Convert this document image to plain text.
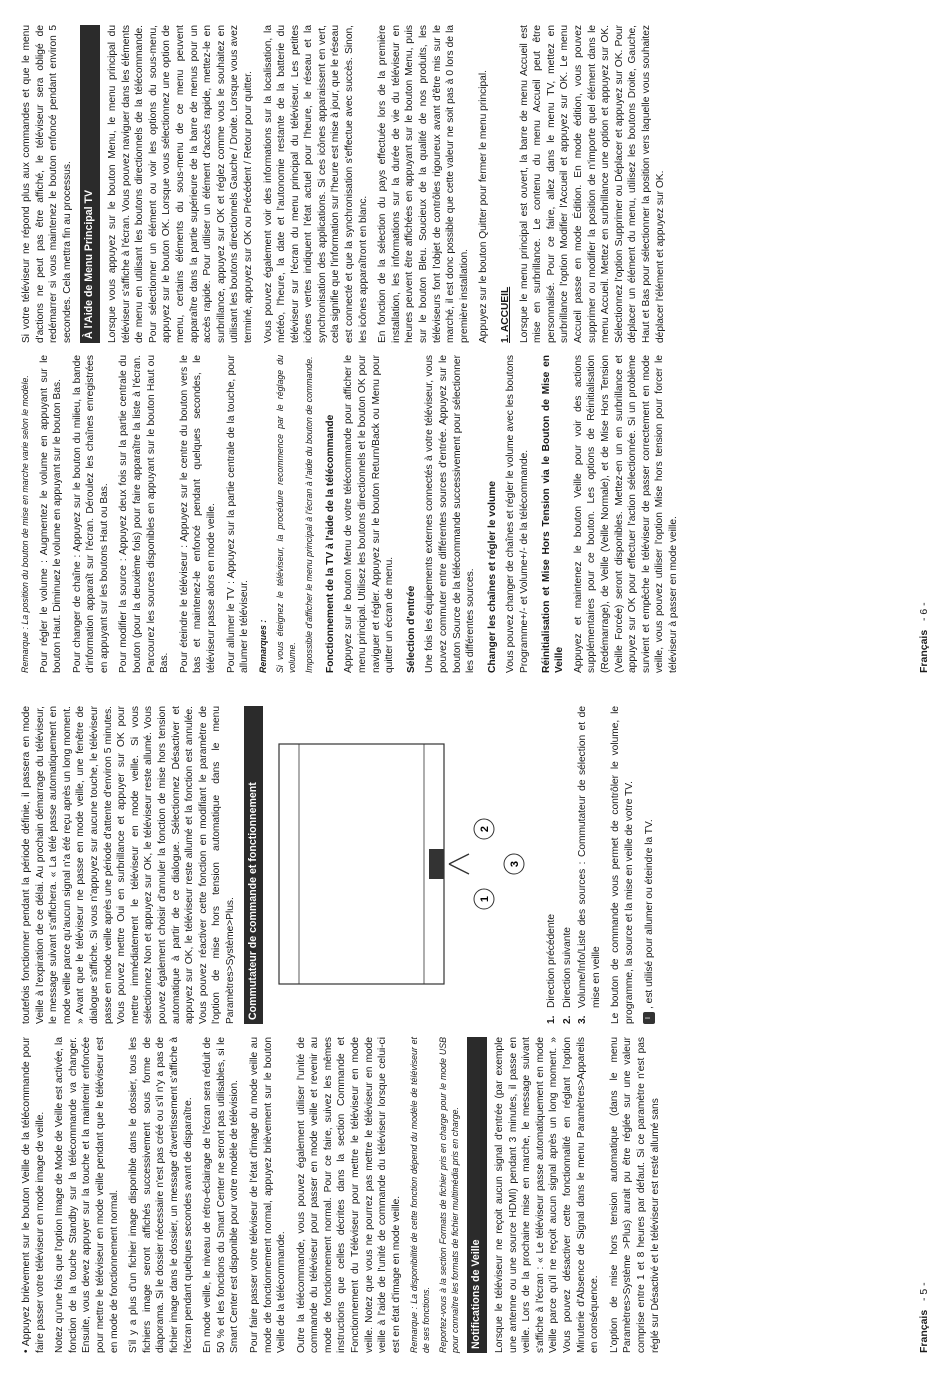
• Appuyez brièvement sur le bouton Veille de la télécommande pour faire passer votre téléviseur en mode image de veille. Notez qu'une fois que l'option Image de Mode de Veille est activée, la fonction de la touche Standby sur la télécommande va changer. Ensuite, vous devez appuyer sur la touche et la maintenir enfoncée pour mettre le téléviseur en mode veille pendant que le téléviseur est en mode de fonctionnement normal. S'il y a plus d'un fichier image disponible dans le dossier, tous les fichiers image seront affichés successivement sous forme de diaporama. Si le dossier nécessaire n'est pas créé ou s'il n'y a pas de fichier image dans le dossier, un message d'avertissement s'affiche à l'écran pendant quelques secondes avant de disparaître. En mode veille, le niveau de rétro-éclairage de l'écran sera réduit de 50 % et les fonctions du Smart Center ne seront pas utilisables, si le Smart Center est disponible pour votre modèle de télévision. Pour faire passer votre téléviseur de l'état d'image du mode veille au mode de fonctionnement normal, appuyez brièvement sur le bouton Veille de la télécommande. Outre la télécommande, vous pouvez également utiliser l'unité de commande du téléviseur pour passer en mode veille et revenir au mode de fonctionnement normal. Pour ce faire, suivez les mêmes instructions que celles décrites dans la section Commande et Fonctionnement du Téléviseur pour mettre le téléviseur en mode veille. Notez que vous ne pourrez pas mettre le téléviseur en mode veille à l'aide de l'unité de commande du téléviseur lorsque celui-ci est en état d'image en mode veille. Remarque : La disponibilité de cette fonction dépend du modèle de téléviseur et de ses fonctions. Reportez-vous à la section Formats de fichier pris en charge pour le mode USB pour connaître les formats de fichier multimédia pris en charge. Notifications de Veille	Lorsque le téléviseur ne reçoit aucun signal d'entrée (par exemple une antenne ou une source HDMI) pendant 3 minutes, il passe en veille. Lors de la prochaine mise en marche, le message suivant s'affiche à l'écran : « Le téléviseur passe automatiquement en mode Veille parce qu'il ne reçoit aucun signal après un long moment. » Vous pouvez désactiver cette fonctionnalité en réglant l'option Minuterie d'Absence de Signal dans le menu Paramètres>Appareils en conséquence. L'option de mise hors tension automatique (dans le menu Paramètres>Système >Plus) aurait pu être réglée sur une valeur comprise entre 1 et 8 heures par défaut. Si ce paramètre n'est pas réglé sur Désactivé et le téléviseur est resté allumé sans

toutefois fonctionner pendant la période définie, il passera en mode Veille à l'expiration de ce délai. Au prochain démarrage du téléviseur, le message suivant s'affichera. « La télé passe automatiquement en mode veille parce qu'aucun signal n'a été reçu après un long moment. » Avant que le téléviseur ne passe en mode veille, une fenêtre de dialogue s'affiche. Si vous n'appuyez sur aucune touche, le téléviseur passe en mode veille après une période d'attente d'environ 5 minutes. Vous pouvez mettre Oui en surbrillance et appuyer sur OK pour mettre immédiatement le téléviseur en mode veille. Si vous sélectionnez Non et appuyez sur OK, le téléviseur reste allumé. Vous pouvez également choisir d'annuler la fonction de mise hors tension automatique à partir de ce dialogue. Sélectionnez Désactiver et appuyez sur OK, le téléviseur reste allumé et la fonction est annulée. Vous pouvez réactiver cette fonction en modifiant le paramètre de l'option de mise hors tension automatique dans le menu Paramètres>Système>Plus. Commutateur de commande et fonctionnement	1
2
3
1.
Direction précédente
2.
Direction suivante
3.
Volume/Info/Liste des sources : Commutateur de sélection et de mise en veille Le bouton de commande vous permet de contrôler le volume, le programme, la source et la mise en veille de votre TV.	I, est utilisé pour allumer ou éteindre la TV.

Remarque : La position du bouton de mise en marche varie selon le modèle. Pour régler le volume : Augmentez le volume en appuyant sur le bouton Haut. Diminuez le volume en appuyant sur le bouton Bas. Pour changer de chaîne : Appuyez sur le bouton du milieu, la bande d'information apparaît sur l'écran. Déroulez les chaînes enregistrées en appuyant sur les boutons Haut ou Bas. Pour modifier la source : Appuyez deux fois sur la partie centrale du bouton (pour la deuxième fois) pour faire apparaître la liste à l'écran. Parcourez les sources disponibles en appuyant sur le bouton Haut ou Bas. Pour éteindre le téléviseur : Appuyez sur le centre du bouton vers le bas et maintenez-le enfoncé pendant quelques secondes, le téléviseur passe alors en mode veille. Pour allumer le TV : Appuyez sur la partie centrale de la touche, pour allumer le téléviseur. Remarques : Si vous éteignez le téléviseur, la procédure recommence par le réglage du volume. Impossible d'afficher le menu principal à l'écran à l'aide du bouton de commande. Fonctionnement de la TV à l'aide de la télécommande Appuyez sur le bouton Menu de votre télécommande pour afficher le menu principal. Utilisez les boutons directionnels et le bouton OK pour naviguer et régler. Appuyez sur le bouton Return/Back ou Menu pour quitter un écran de menu. Sélection d'entrée Une fois les équipements externes connectés à votre téléviseur, vous pouvez commuter entre différentes sources d'entrée. Appuyez sur le bouton Source de la télécommande successivement pour sélectionner les différentes sources. Changer les chaînes et régler le volume Vous pouvez changer de chaînes et régler le volume avec les boutons Programme+/- et Volume+/- de la télécommande. Réinitialisation et Mise Hors Tension via le Bouton de Mise en Veille Appuyez et maintenez le bouton Veille pour voir des actions supplémentaires pour ce bouton. Les options de Réinitialisation (Redémarrage), de Veille (Veille Normale), et de Mise Hors Tension (Veille Forcée) seront disponibles. Mettez-en un en surbrillance et appuyez sur OK pour effectuer l'action sélectionnée. Si un problème survient et empêche le téléviseur de passer correctement en mode veille, vous pouvez utiliser l'option Mise hors tension pour forcer le téléviseur à passer en mode veille.

Si votre téléviseur ne répond plus aux commandes et que le menu d'actions ne peut pas être affiché, le téléviseur sera obligé de redémarrer si vous maintenez le bouton enfoncé pendant environ 5 secondes. Cela mettra fin au processus. À l'Aide de Menu Principal TV	Lorsque vous appuyez sur le bouton Menu, le menu principal du téléviseur s'affiche à l'écran. Vous pouvez naviguer dans les éléments de menu en utilisant les boutons directionnels de la télécommande. Pour sélectionner un élément ou voir les options du sous-menu, appuyez sur le bouton OK. Lorsque vous sélectionnez une option de menu, certains éléments du sous-menu de ce menu peuvent apparaître dans la partie supérieure de la barre de menus pour un accès rapide. Pour utiliser un élément d'accès rapide, mettez-le en surbrillance, appuyez sur OK et réglez comme vous le souhaitez en utilisant les boutons directionnels Gauche / Droite. Lorsque vous avez terminé, appuyez sur OK ou Précédent / Retour pour quitter. Vous pouvez également voir des informations sur la localisation, la météo, l'heure, la date et l'autonomie restante de la batterie du téléviseur sur l'écran du menu principal du téléviseur. Les petites icônes vertes indiquent l'état actuel pour l'heure, le réseau et la synchronisation des applications. Si ces icônes apparaissent en vert, cela signifie que l'information sur l'heure est mise à jour, que le réseau est connecté et que la synchronisation s'effectue avec succès. Sinon, les icônes apparaîtront en blanc. En fonction de la sélection du pays effectuée lors de la première installation, les informations sur la durée de vie du téléviseur en heures peuvent être affichées en appuyant sur le bouton Menu, puis sur le bouton Bleu. Soucieux de la qualité de nos produits, les téléviseurs font l'objet de contrôles rigoureux avant d'être mis sur le marché, il est donc possible que cette valeur ne soit pas à 0 lors de la première installation. Appuyez sur le bouton Quitter pour fermer le menu principal. 1. ACCUEIL Lorsque le menu principal est ouvert, la barre de menu Accueil est mise en surbrillance. Le contenu du menu Accueil peut être personnalisé. Pour ce faire, allez dans le menu TV, mettez en surbrillance l'option Modifier l'Accueil et appuyez sur OK. Le menu Accueil passe en mode Édition. En mode édition, vous pouvez supprimer ou modifier la position de n'importe quel élément dans le menu Accueil. Mettez en surbrillance une option et appuyez sur OK. Sélectionnez l'option Supprimer ou Déplacer et appuyez sur OK. Pour déplacer un élément du menu, utilisez les boutons Droite, Gauche, Haut et Bas pour sélectionner la position vers laquelle vous souhaitez déplacer l'élément et appuyez sur OK.

Français   - 5 -
Français   - 6 -
